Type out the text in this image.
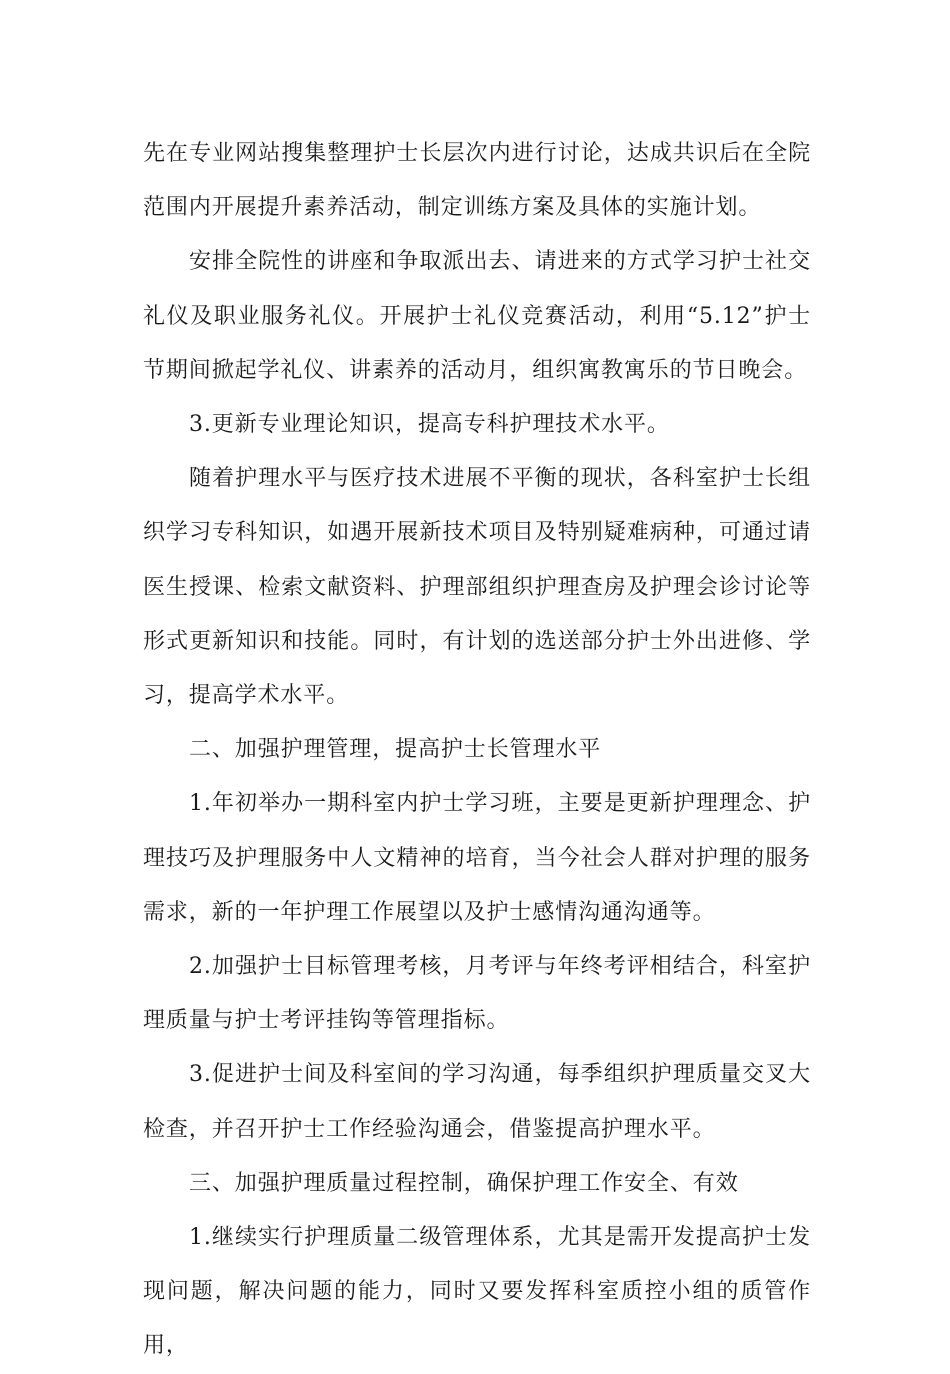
先在专业网站搜集整理护士长层次内进行讨论，达成共识后在全院范围内开展提升素养活动，制定训练方案及具体的实施计划。

安排全院性的讲座和争取派出去、请进来的方式学习护士社交礼仪及职业服务礼仪。开展护士礼仪竞赛活动，利用“5.12”护士节期间掀起学礼仪、讲素养的活动月，组织寓教寓乐的节日晚会。

3.更新专业理论知识，提高专科护理技术水平。

随着护理水平与医疗技术进展不平衡的现状，各科室护士长组织学习专科知识，如遇开展新技术项目及特别疑难病种，可通过请医生授课、检索文献资料、护理部组织护理查房及护理会诊讨论等形式更新知识和技能。同时，有计划的选送部分护士外出进修、学习，提高学术水平。

二、加强护理管理，提高护士长管理水平

1.年初举办一期科室内护士学习班，主要是更新护理理念、护理技巧及护理服务中人文精神的培育，当今社会人群对护理的服务需求，新的一年护理工作展望以及护士感情沟通沟通等。

2.加强护士目标管理考核，月考评与年终考评相结合，科室护理质量与护士考评挂钩等管理指标。

3.促进护士间及科室间的学习沟通，每季组织护理质量交叉大检查，并召开护士工作经验沟通会，借鉴提高护理水平。

三、加强护理质量过程控制，确保护理工作安全、有效

1.继续实行护理质量二级管理体系，尤其是需开发提高护士发现问题，解决问题的能力，同时又要发挥科室质控小组的质管作用，
